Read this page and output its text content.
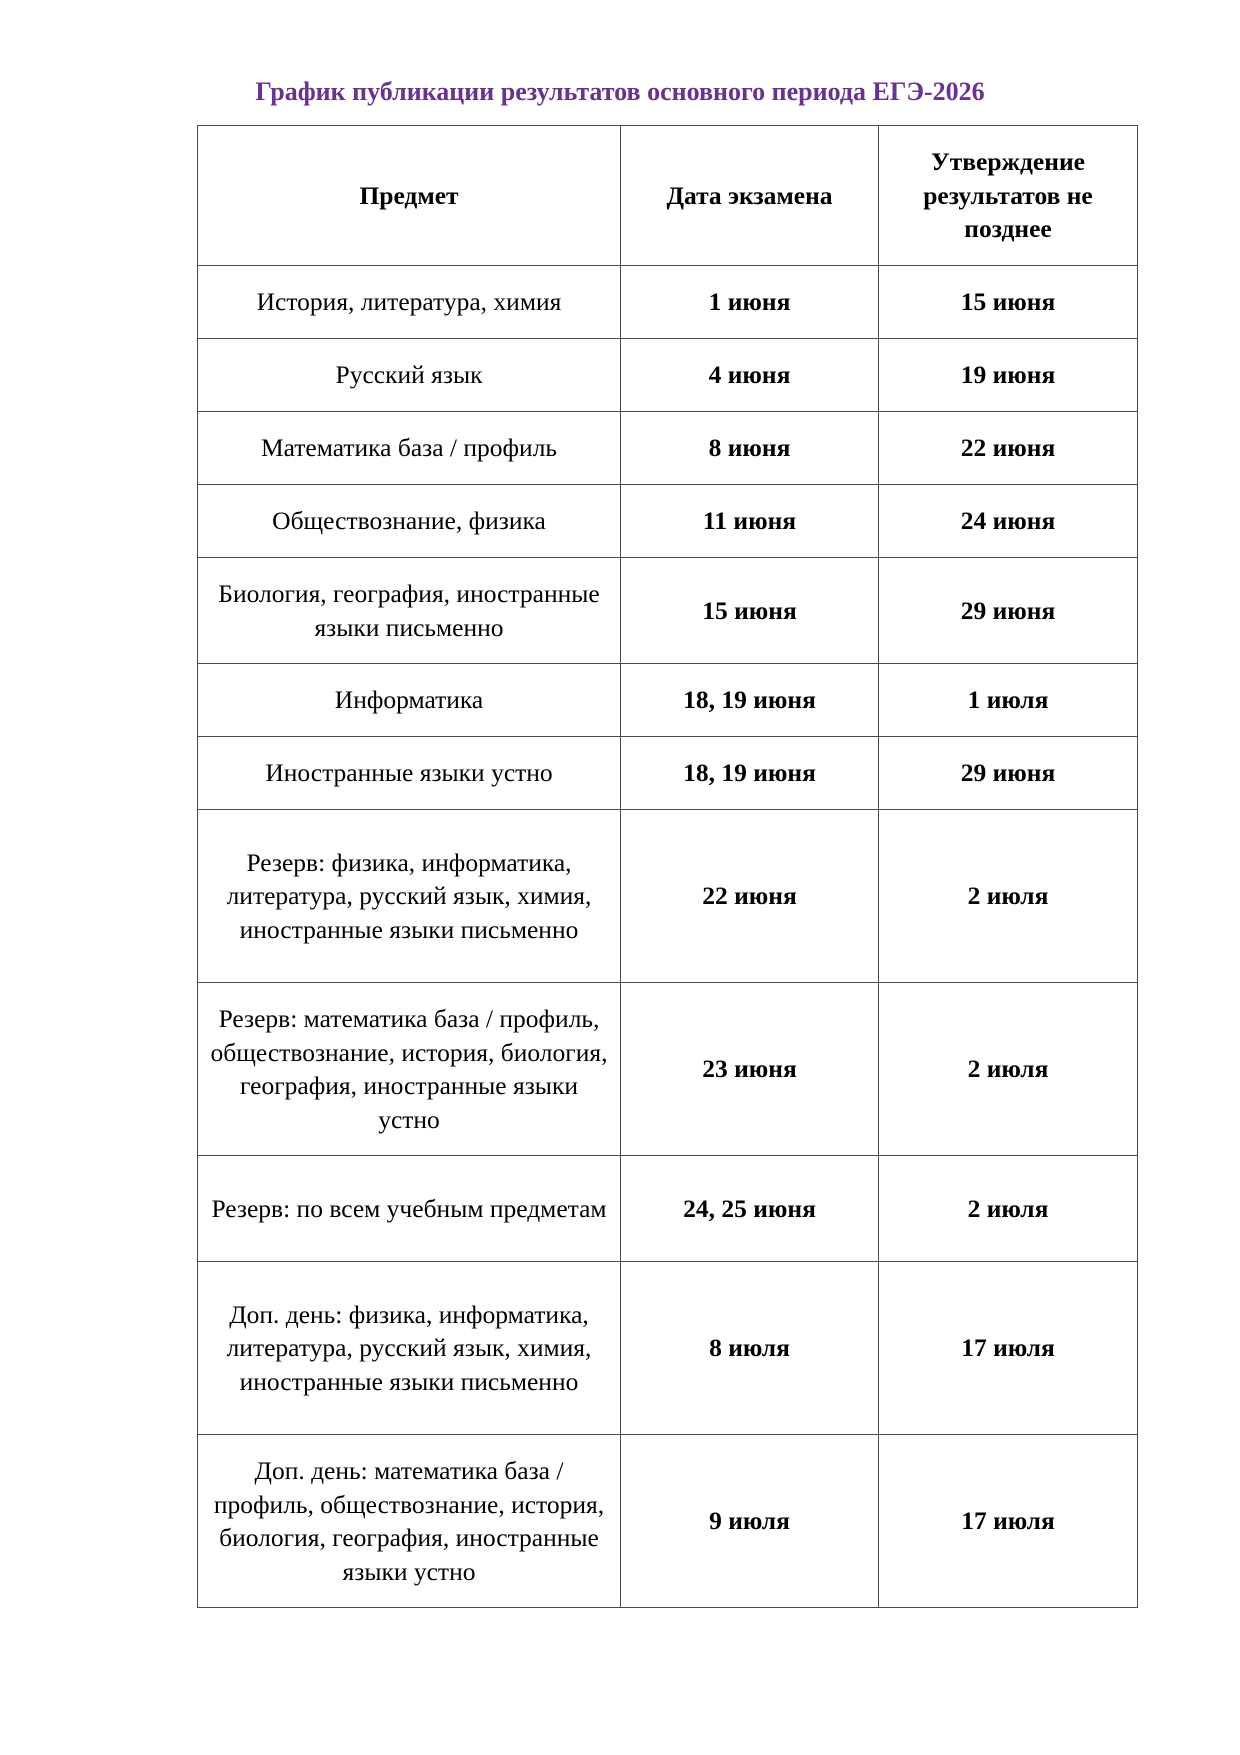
График публикации результатов основного периода ЕГЭ-2026
Предмет	Дата экзамена	Утверждение результатов не позднее
История, литература, химия	1 июня	15 июня
Русский язык	4 июня	19 июня
Математика база / профиль	8 июня	22 июня
Обществознание, физика	11 июня	24 июня
Биология, география, иностранные языки письменно	15 июня	29 июня
Информатика	18, 19 июня	1 июля
Иностранные языки устно	18, 19 июня	29 июня
Резерв: физика, информатика, литература, русский язык, химия, иностранные языки письменно	22 июня	2 июля
Резерв: математика база / профиль, обществознание, история, биология, география, иностранные языки устно	23 июня	2 июля
Резерв: по всем учебным предметам	24, 25 июня	2 июля
Доп. день: физика, информатика, литература, русский язык, химия, иностранные языки письменно	8 июля	17 июля
Доп. день: математика база / профиль, обществознание, история, биология, география, иностранные языки устно	9 июля	17 июля
